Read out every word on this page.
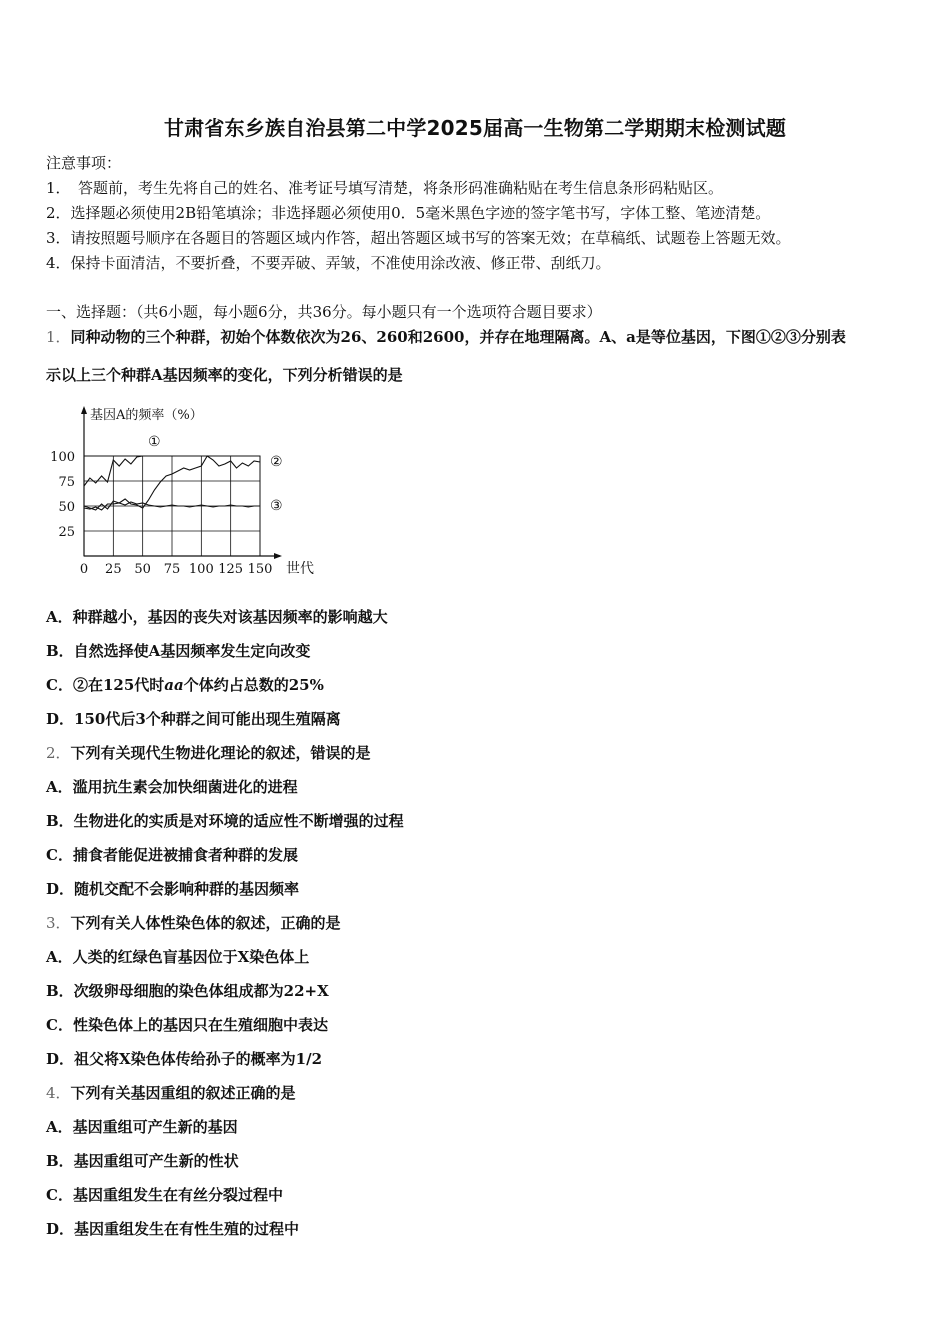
甘肃省东乡族自治县第二中学2025届高一生物第二学期期末检测试题
注意事项：
1．　答题前，考生先将自己的姓名、准考证号填写清楚，将条形码准确粘贴在考生信息条形码粘贴区。
2．选择题必须使用2B铅笔填涂；非选择题必须使用0．5毫米黑色字迹的签字笔书写，字体工整、笔迹清楚。
3．请按照题号顺序在各题目的答题区域内作答，超出答题区域书写的答案无效；在草稿纸、试题卷上答题无效。
4．保持卡面清洁，不要折叠，不要弄破、弄皱，不准使用涂改液、修正带、刮纸刀。
一、选择题：（共6小题，每小题6分，共36分。每小题只有一个选项符合题目要求）
1．同种动物的三个种群，初始个体数依次为26、260和2600，并存在地理隔离。A、a是等位基因，下图①②③分别表
示以上三个种群A基因频率的变化，下列分析错误的是
基因A的频率（%）
世代
0 25 50 75 100 125 150
100
75
50
25
①
②
③
A．种群越小，基因的丧失对该基因频率的影响越大
B．自然选择使A基因频率发生定向改变
C．②在125代时aa个体约占总数的25%
D．150代后3个种群之间可能出现生殖隔离
2．下列有关现代生物进化理论的叙述，错误的是
A．滥用抗生素会加快细菌进化的进程
B．生物进化的实质是对环境的适应性不断增强的过程
C．捕食者能促进被捕食者种群的发展
D．随机交配不会影响种群的基因频率
3．下列有关人体性染色体的叙述，正确的是
A．人类的红绿色盲基因位于X染色体上
B．次级卵母细胞的染色体组成都为22+X
C．性染色体上的基因只在生殖细胞中表达
D．祖父将X染色体传给孙子的概率为1/2
4．下列有关基因重组的叙述正确的是
A．基因重组可产生新的基因
B．基因重组可产生新的性状
C．基因重组发生在有丝分裂过程中
D．基因重组发生在有性生殖的过程中
